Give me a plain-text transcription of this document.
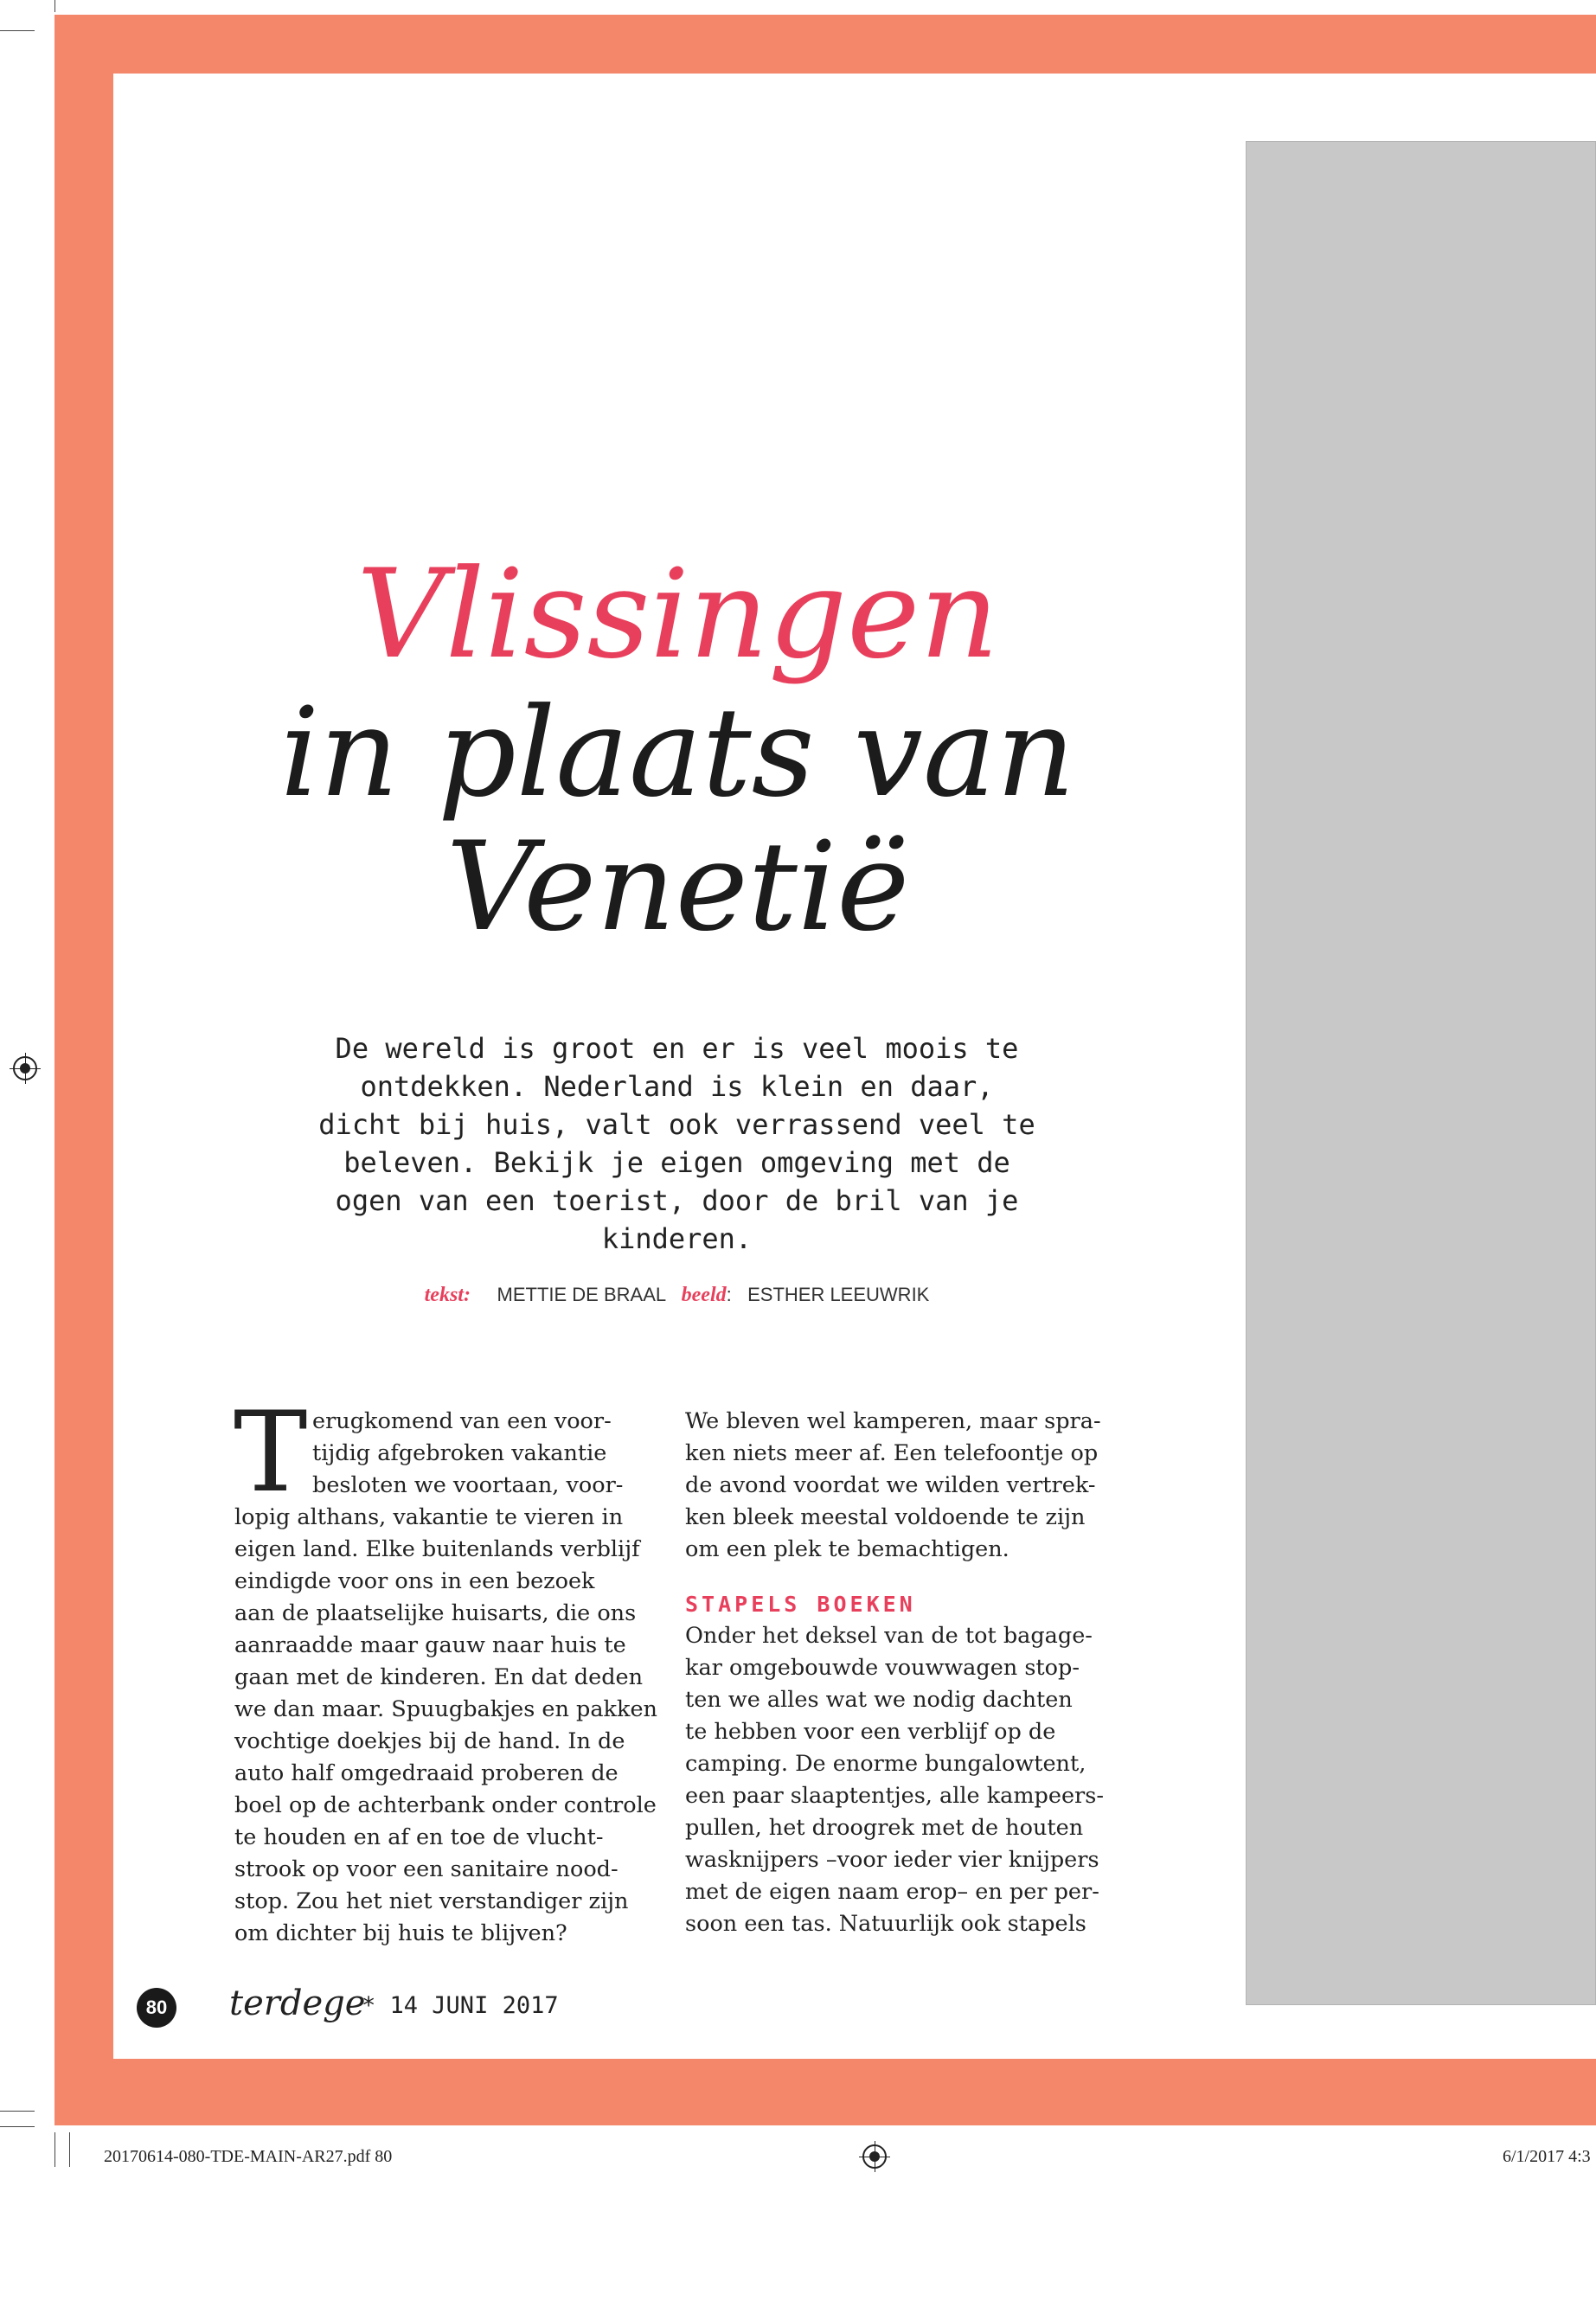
Vlissingen
in plaats van
Venetië
De wereld is groot en er is veel moois te
ontdekken. Nederland is klein en daar,
dicht bij huis, valt ook verrassend veel te
beleven. Bekijk je eigen omgeving met de
ogen van een toerist, door de bril van je
kinderen.
tekst: METTIE DE BRAAL beeld: ESTHER LEEUWRIK
T erugkomend van een voor-
tijdig afgebroken vakantie
besloten we voortaan, voor-
lopig althans, vakantie te vieren in
eigen land. Elke buitenlands verblijf
eindigde voor ons in een bezoek
aan de plaatselijke huisarts, die ons
aanraadde maar gauw naar huis te
gaan met de kinderen. En dat deden
we dan maar. Spuugbakjes en pakken
vochtige doekjes bij de hand. In de
auto half omgedraaid proberen de
boel op de achterbank onder controle
te houden en af en toe de vlucht-
strook op voor een sanitaire nood-
stop. Zou het niet verstandiger zijn
om dichter bij huis te blijven?
We bleven wel kamperen, maar spra-
ken niets meer af. Een telefoontje op
de avond voordat we wilden vertrek-
ken bleek meestal voldoende te zijn
om een plek te bemachtigen.
STAPELS BOEKEN
Onder het deksel van de tot bagage-
kar omgebouwde vouwwagen stop-
ten we alles wat we nodig dachten
te hebben voor een verblijf op de
camping. De enorme bungalowtent,
een paar slaaptentjes, alle kampeers-
pullen, het droogrek met de houten
wasknijpers –voor ieder vier knijpers
met de eigen naam erop– en per per-
soon een tas. Natuurlijk ook stapels
80 terdege
* 14 JUNI 2017
20170614-080-TDE-MAIN-AR27.pdf 80	6/1/2017 4:3
